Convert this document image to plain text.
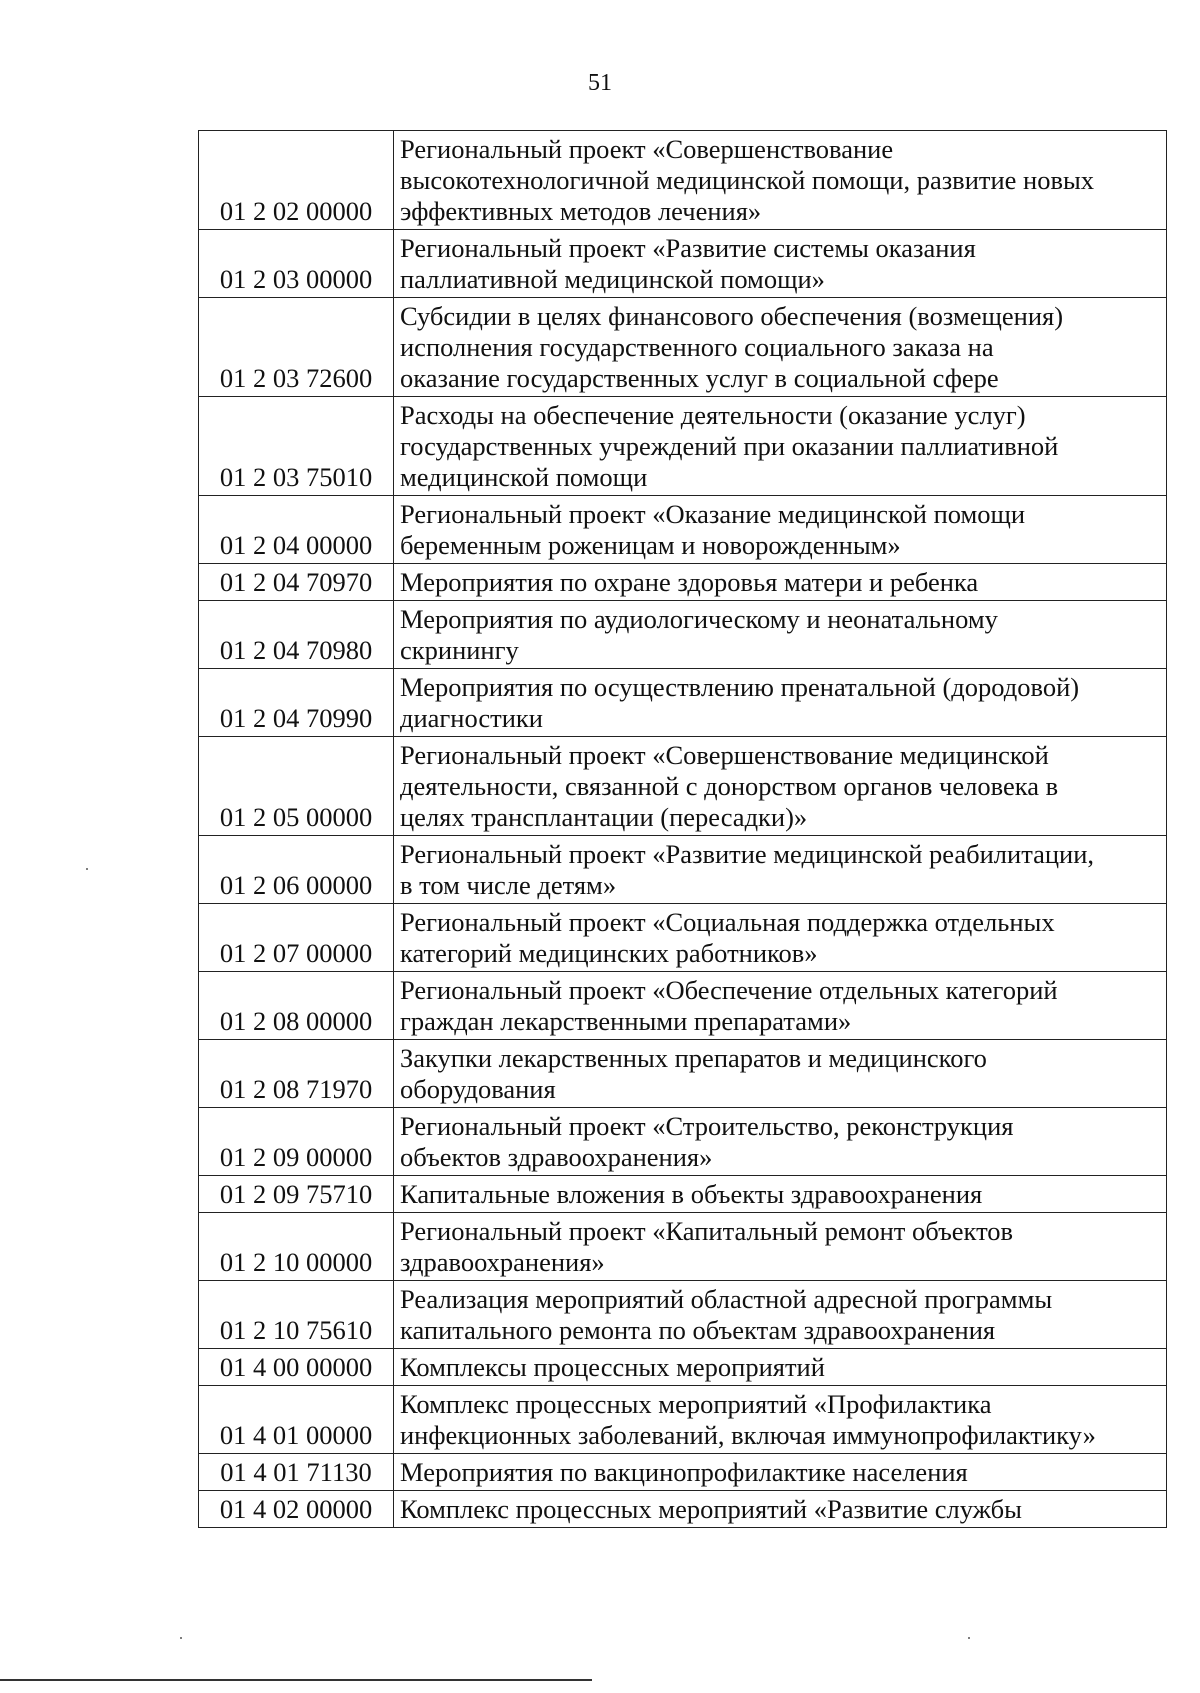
51
01 2 02 00000	Региональный проект «Совершенствование
высокотехнологичной медицинской помощи, развитие новых
эффективных методов лечения»

01 2 03 00000	Региональный проект «Развитие системы оказания
паллиативной медицинской помощи»

01 2 03 72600	Субсидии в целях финансового обеспечения (возмещения)
исполнения государственного социального заказа на
оказание государственных услуг в социальной сфере

01 2 03 75010	Расходы на обеспечение деятельности (оказание услуг)
государственных учреждений при оказании паллиативной
медицинской помощи

01 2 04 00000	Региональный проект «Оказание медицинской помощи
беременным роженицам и новорожденным»

01 2 04 70970	Мероприятия по охране здоровья матери и ребенка

01 2 04 70980	Мероприятия по аудиологическому и неонатальному
скринингу

01 2 04 70990	Мероприятия по осуществлению пренатальной (дородовой)
диагностики

01 2 05 00000	Региональный проект «Совершенствование медицинской
деятельности, связанной с донорством органов человека в
целях трансплантации (пересадки)»

01 2 06 00000	Региональный проект «Развитие медицинской реабилитации,
в том числе детям»

01 2 07 00000	Региональный проект «Социальная поддержка отдельных
категорий медицинских работников»

01 2 08 00000	Региональный проект «Обеспечение отдельных категорий
граждан лекарственными препаратами»

01 2 08 71970	Закупки лекарственных препаратов и медицинского
оборудования

01 2 09 00000	Региональный проект «Строительство, реконструкция
объектов здравоохранения»

01 2 09 75710	Капитальные вложения в объекты здравоохранения

01 2 10 00000	Региональный проект «Капитальный ремонт объектов
здравоохранения»

01 2 10 75610	Реализация мероприятий областной адресной программы
капитального ремонта по объектам здравоохранения

01 4 00 00000	Комплексы процессных мероприятий

01 4 01 00000	Комплекс процессных мероприятий «Профилактика
инфекционных заболеваний, включая иммунопрофилактику»

01 4 01 71130	Мероприятия по вакцинопрофилактике населения

01 4 02 00000	Комплекс процессных мероприятий «Развитие службы
